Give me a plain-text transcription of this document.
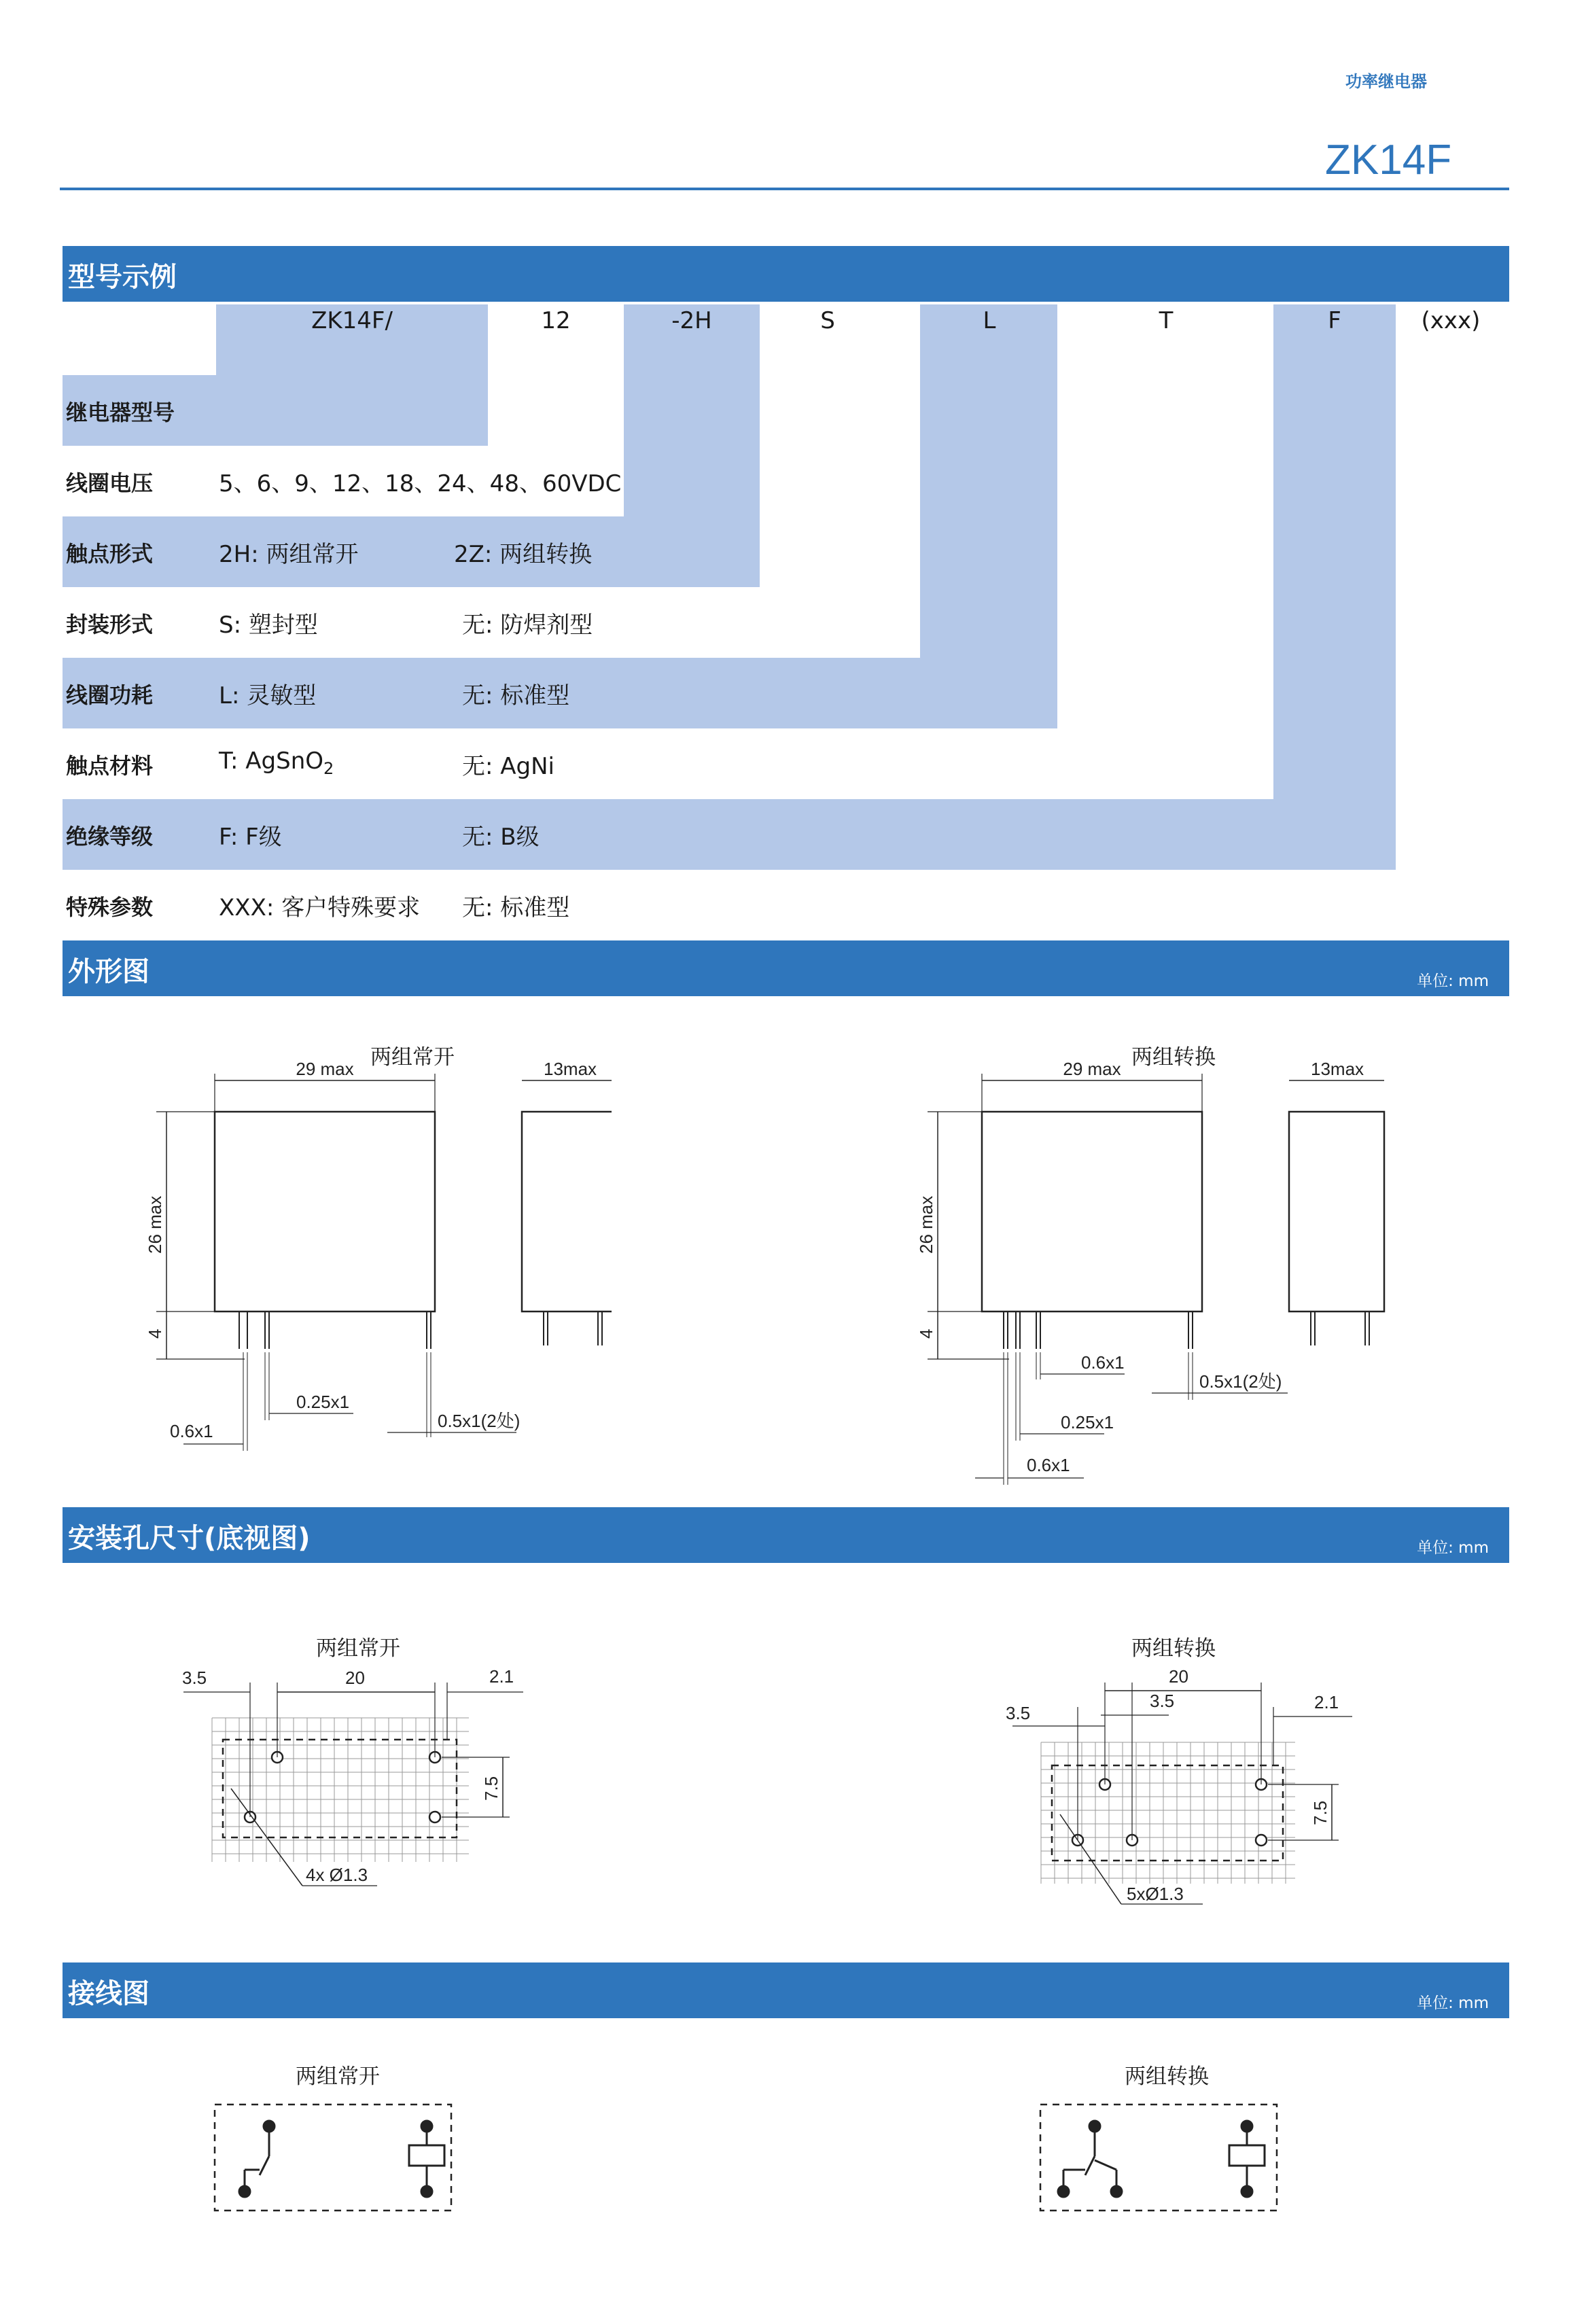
功率继电器
ZK14F
型号示例
ZK14F/	12	-2H	S	L	T	F	(xxx)
继电器型号
线圈电压	5、6、9、12、18、24、48、60VDC
触点形式	2H: 两组常开	2Z: 两组转换
封装形式	S: 塑封型	无: 防焊剂型
线圈功耗	L: 灵敏型	无: 标准型
触点材料	T: AgSnO$_2$	无: AgNi
绝缘等级	F: F级	无: B级
特殊参数	XXX: 客户特殊要求 无: 标准型
外形图	单位: mm
两组常开	两组转换
29 max
26 max
4
0.25x1
0.6x1	0.5x1(2处)
13max	29 max
26 max
4
0.6x1
0.25x1
0.6x1
0.5x1(2处)
13max
安装孔尺寸(底视图)	单位: mm
两组常开	两组转换
3.5	20	2.1
7.5
4x Ø1.3
20
3.5
3.5
2.1
7.5
5xØ1.3
接线图	单位: mm
两组常开	两组转换
